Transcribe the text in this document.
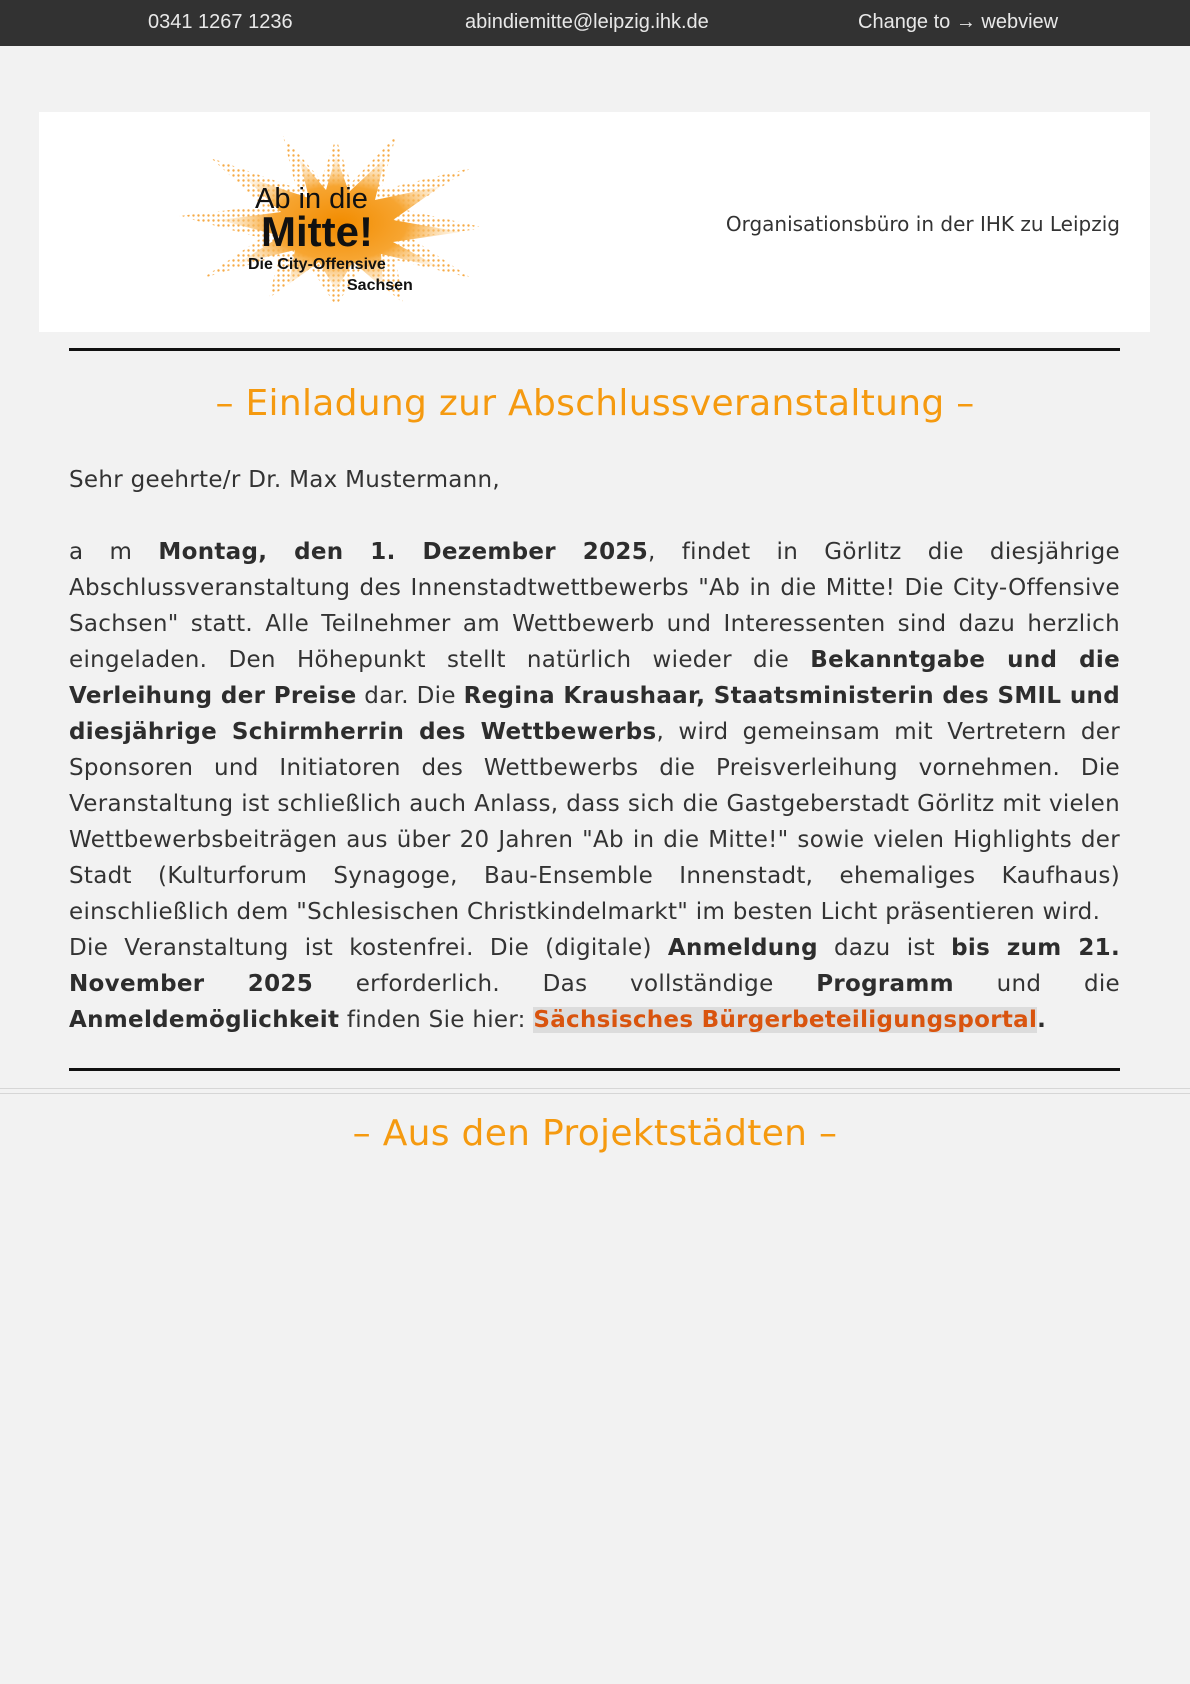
0341 1267 1236	abindiemitte@leipzig.ihk.de	Change to → webview
Ab in die
Mitte!
Die City-Offensive
Sachsen
Organisationsbüro in der IHK zu Leipzig
– Einladung zur Abschlussveranstaltung –

Sehr geehrte/r Dr. Max Mustermann,

a m Montag, den 1. Dezember 2025, findet in Görlitz die diesjährige Abschlussveranstaltung des Innenstadtwettbewerbs "Ab in die Mitte! Die City-Offensive Sachsen" statt. Alle Teilnehmer am Wettbewerb und Interessenten sind dazu herzlich eingeladen. Den Höhepunkt stellt natürlich wieder die Bekanntgabe und die Verleihung der Preise dar. Die Regina Kraushaar, Staatsministerin des SMIL und diesjährige Schirmherrin des Wettbewerbs, wird gemeinsam mit Vertretern der Sponsoren und Initiatoren des Wettbewerbs die Preisverleihung vornehmen. Die Veranstaltung ist schließlich auch Anlass, dass sich die Gastgeberstadt Görlitz mit vielen Wettbewerbsbeiträgen aus über 20 Jahren "Ab in die Mitte!" sowie vielen Highlights der Stadt (Kulturforum Synagoge, Bau-Ensemble Innenstadt, ehemaliges Kaufhaus) einschließlich dem "Schlesischen Christkindelmarkt" im besten Licht präsentieren wird.

Die Veranstaltung ist kostenfrei. Die (digitale) Anmeldung dazu ist bis zum 21. November 2025 erforderlich. Das vollständige Programm und die Anmeldemöglichkeit finden Sie hier: Sächsisches Bürgerbeteiligungsportal.

– Aus den Projektstädten –
